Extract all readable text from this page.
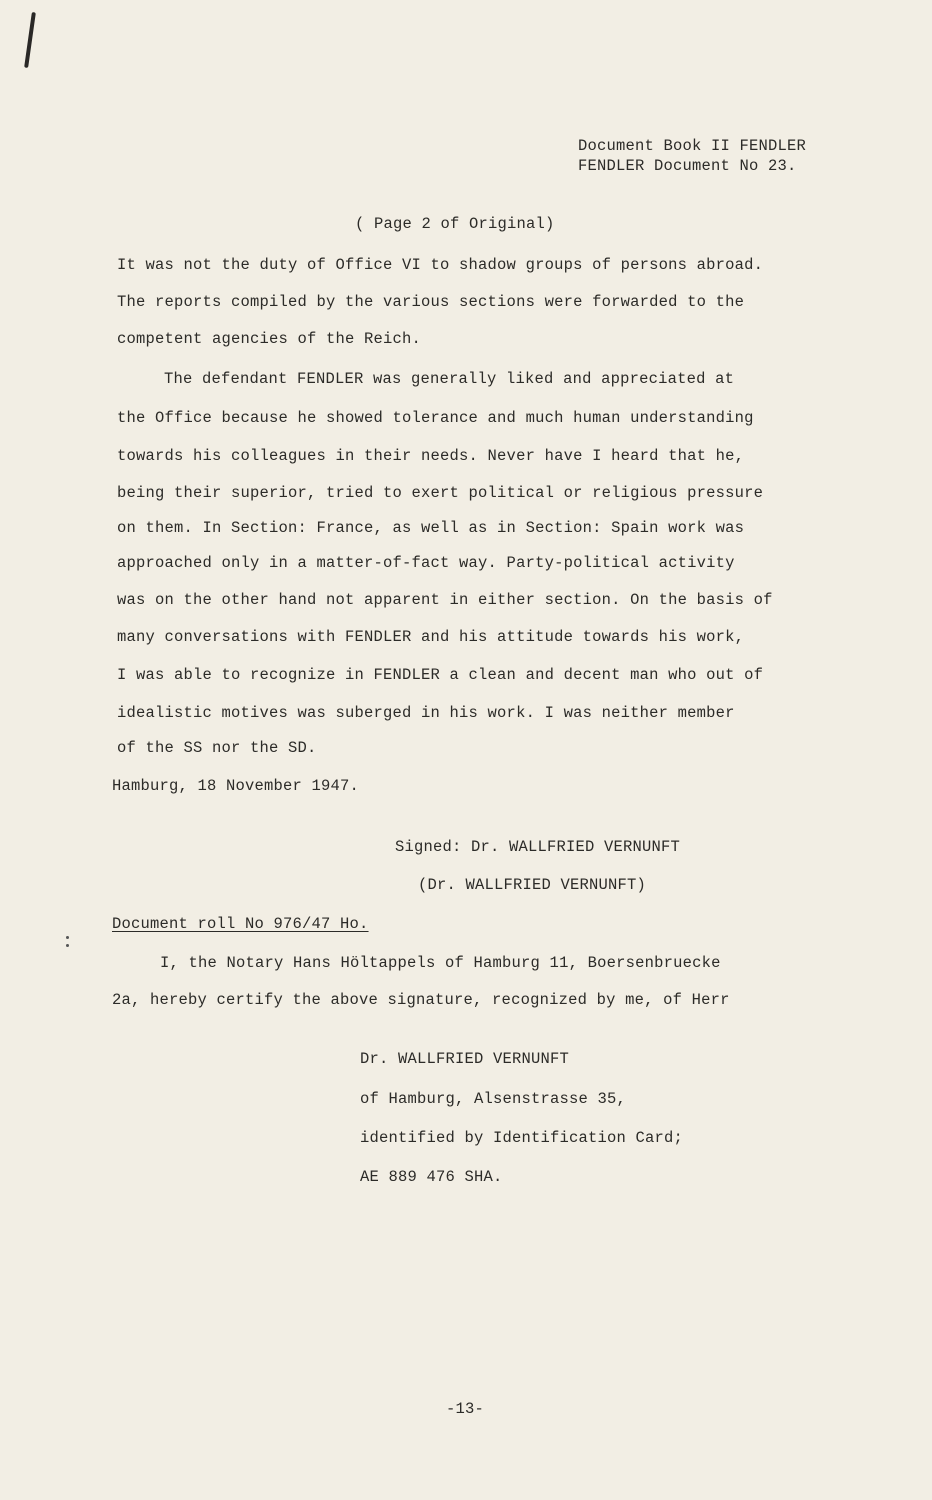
Document Book II FENDLER
FENDLER Document No 23.
( Page 2 of Original)
It was not the duty of Office VI to shadow groups of persons abroad.
The reports compiled by the various sections were forwarded to the
competent agencies of the Reich.
The defendant FENDLER was generally liked and appreciated at
the Office because he showed tolerance and much human understanding
towards his colleagues in their needs. Never have I heard that he,
being their superior, tried to exert political or religious pressure
on them. In Section: France, as well as in Section: Spain work was
approached only in a matter-of-fact way. Party-political activity
was on the other hand not apparent in either section. On the basis of
many conversations with FENDLER and his attitude towards his work,
I was able to recognize in FENDLER a clean and decent man who out of
idealistic motives was suberged in his work. I was neither member
of the SS nor the SD.
Hamburg, 18 November 1947.
Signed: Dr. WALLFRIED VERNUNFT
(Dr. WALLFRIED VERNUNFT)
Document roll No 976/47 Ho.
I, the Notary Hans Höltappels of Hamburg 11, Boersenbruecke
2a, hereby certify the above signature, recognized by me, of Herr
Dr. WALLFRIED VERNUNFT
of Hamburg, Alsenstrasse 35,
identified by Identification Card;
AE 889 476 SHA.
-13-
